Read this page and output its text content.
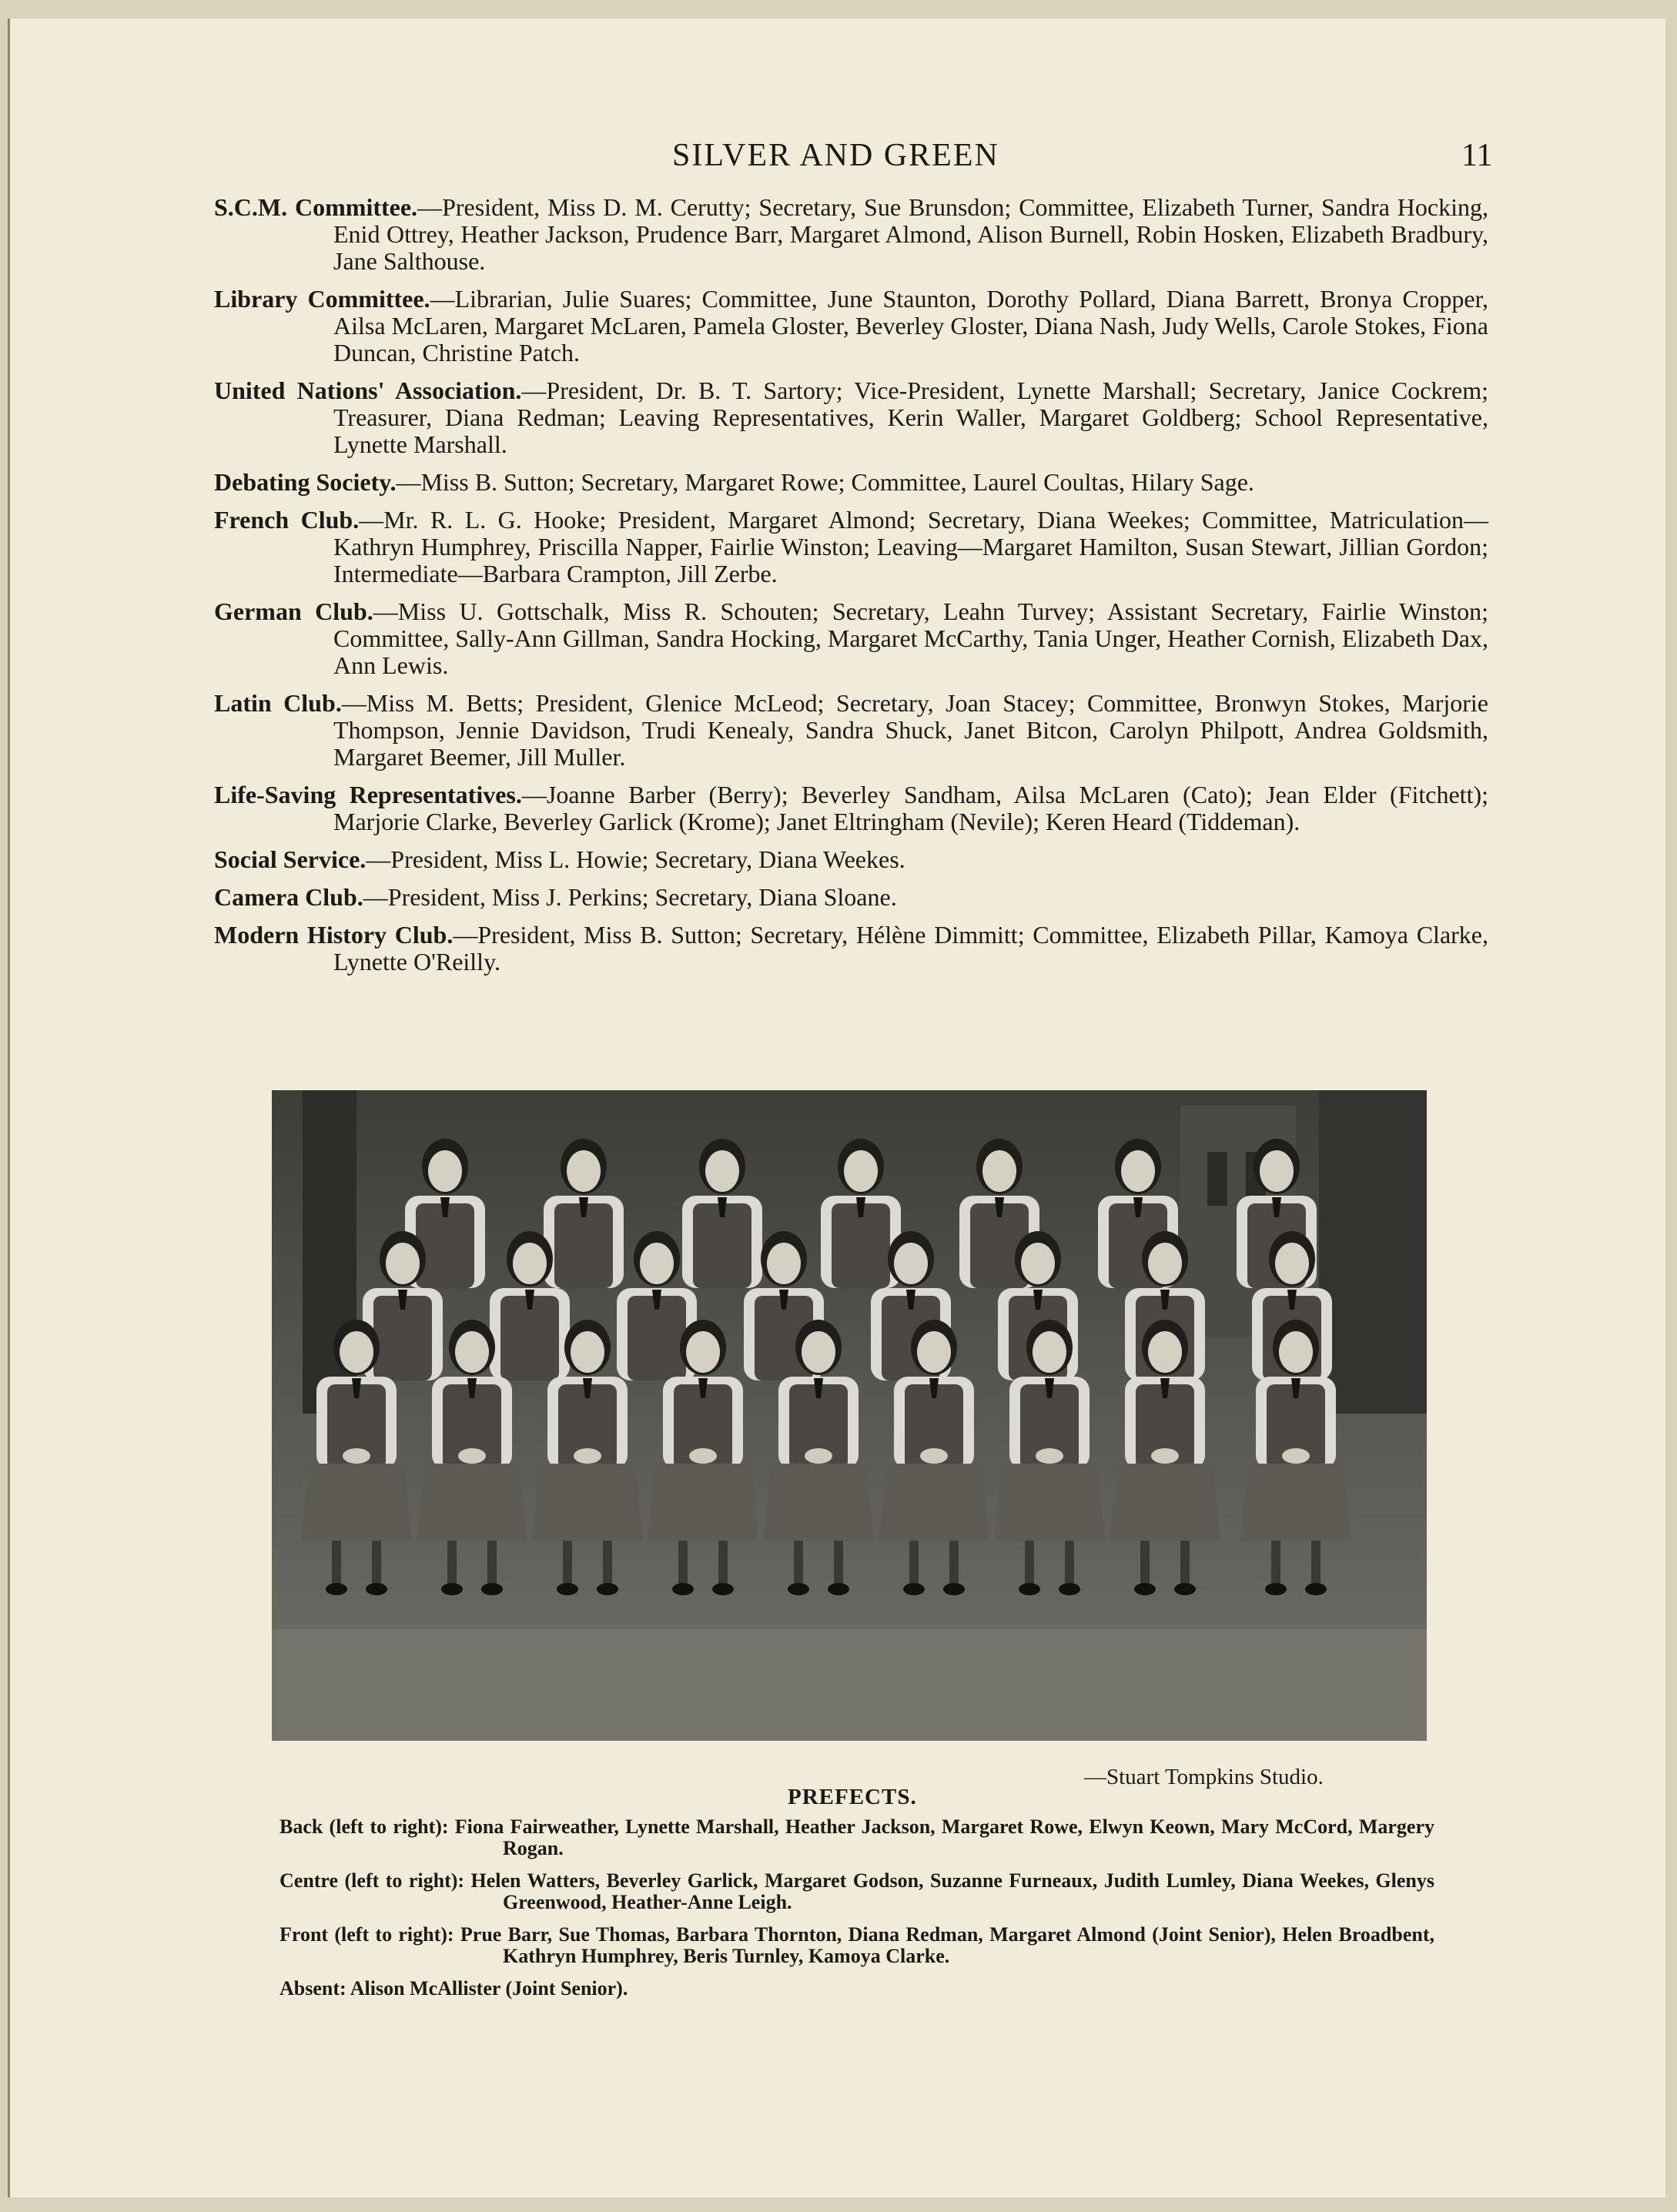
SILVER AND GREEN	11

S.C.M. Committee.—President, Miss D. M. Cerutty; Secretary, Sue Brunsdon; Committee, Elizabeth Turner, Sandra Hocking, Enid Ottrey, Heather Jackson, Prudence Barr, Margaret Almond, Alison Burnell, Robin Hosken, Elizabeth Bradbury, Jane Salthouse.

Library Committee.—Librarian, Julie Suares; Committee, June Staunton, Dorothy Pollard, Diana Barrett, Bronya Cropper, Ailsa McLaren, Margaret McLaren, Pamela Gloster, Beverley Gloster, Diana Nash, Judy Wells, Carole Stokes, Fiona Duncan, Christine Patch.

United Nations' Association.—President, Dr. B. T. Sartory; Vice-President, Lynette Marshall; Secretary, Janice Cockrem; Treasurer, Diana Redman; Leaving Representatives, Kerin Waller, Margaret Goldberg; School Representative, Lynette Marshall.

Debating Society.—Miss B. Sutton; Secretary, Margaret Rowe; Committee, Laurel Coultas, Hilary Sage.

French Club.—Mr. R. L. G. Hooke; President, Margaret Almond; Secretary, Diana Weekes; Committee, Matriculation—Kathryn Humphrey, Priscilla Napper, Fairlie Winston; Leaving—Margaret Hamilton, Susan Stewart, Jillian Gordon; Intermediate—Barbara Crampton, Jill Zerbe.

German Club.—Miss U. Gottschalk, Miss R. Schouten; Secretary, Leahn Turvey; Assistant Secretary, Fairlie Winston; Committee, Sally-Ann Gillman, Sandra Hocking, Margaret McCarthy, Tania Unger, Heather Cornish, Elizabeth Dax, Ann Lewis.

Latin Club.—Miss M. Betts; President, Glenice McLeod; Secretary, Joan Stacey; Committee, Bronwyn Stokes, Marjorie Thompson, Jennie Davidson, Trudi Kenealy, Sandra Shuck, Janet Bitcon, Carolyn Philpott, Andrea Goldsmith, Margaret Beemer, Jill Muller.

Life-Saving Representatives.—Joanne Barber (Berry); Beverley Sandham, Ailsa McLaren (Cato); Jean Elder (Fitchett); Marjorie Clarke, Beverley Garlick (Krome); Janet Eltringham (Nevile); Keren Heard (Tiddeman).

Social Service.—President, Miss L. Howie; Secretary, Diana Weekes.

Camera Club.—President, Miss J. Perkins; Secretary, Diana Sloane.

Modern History Club.—President, Miss B. Sutton; Secretary, Hélène Dimmitt; Committee, Elizabeth Pillar, Kamoya Clarke, Lynette O'Reilly.

—Stuart Tompkins Studio.
PREFECTS.

Back (left to right): Fiona Fairweather, Lynette Marshall, Heather Jackson, Margaret Rowe, Elwyn Keown, Mary McCord, Margery Rogan.

Centre (left to right): Helen Watters, Beverley Garlick, Margaret Godson, Suzanne Furneaux, Judith Lumley, Diana Weekes, Glenys Greenwood, Heather-Anne Leigh.

Front (left to right): Prue Barr, Sue Thomas, Barbara Thornton, Diana Redman, Margaret Almond (Joint Senior), Helen Broadbent, Kathryn Humphrey, Beris Turnley, Kamoya Clarke.

Absent: Alison McAllister (Joint Senior).
